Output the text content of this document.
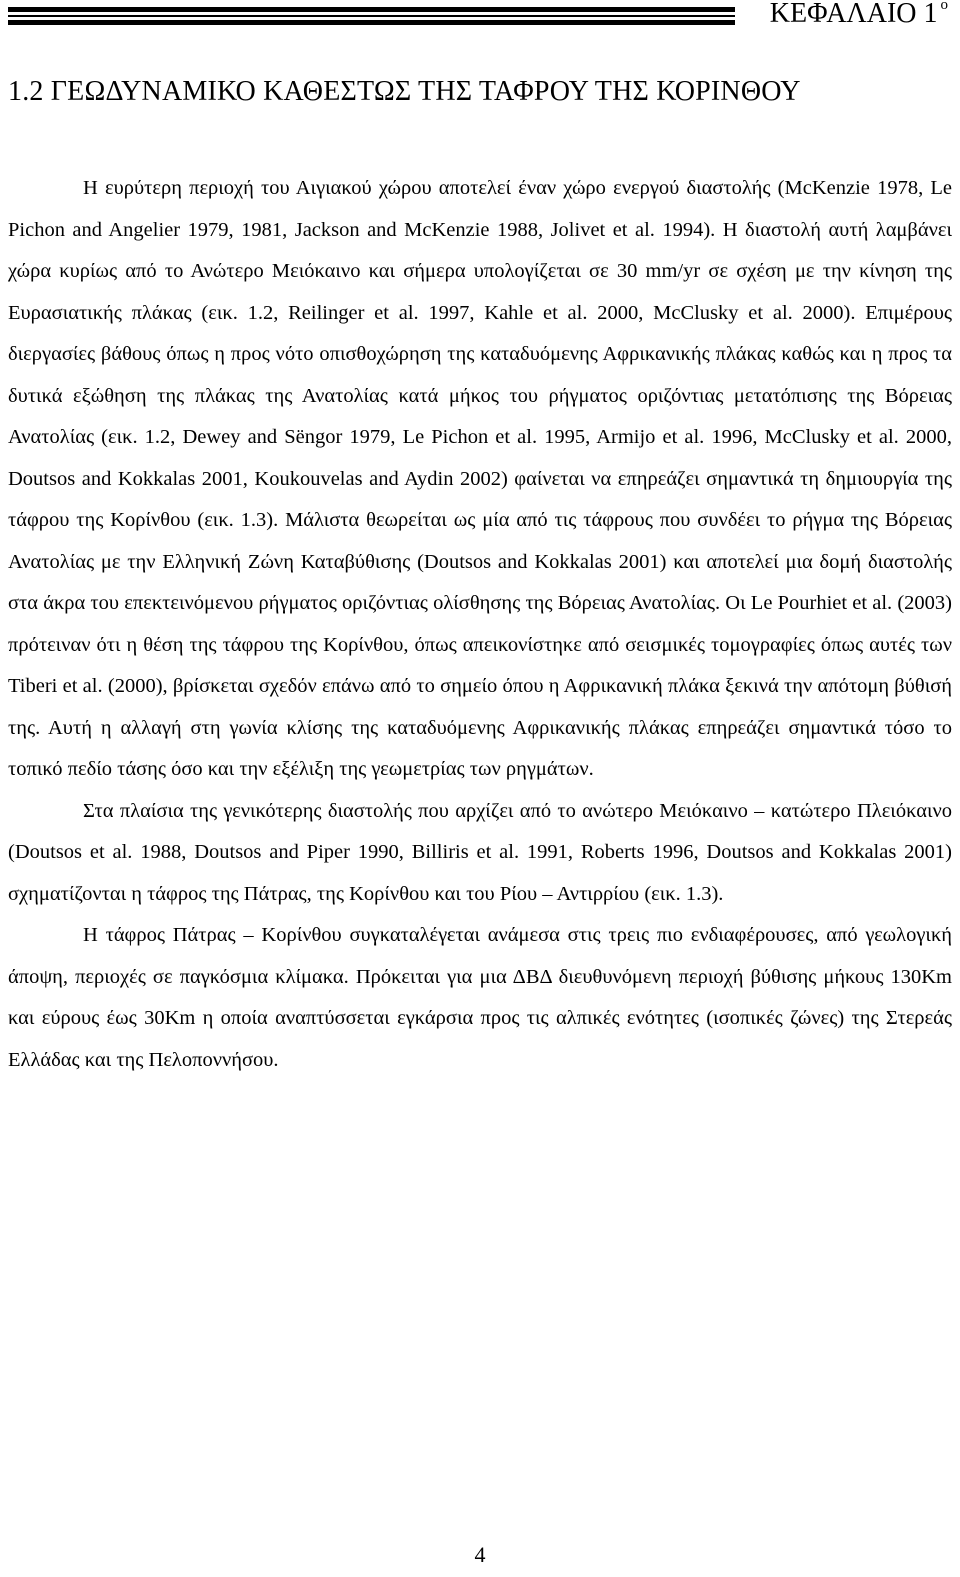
ΚΕΦΑΛΑΙΟ 1 $^o$
1.2 ΓΕΩΔΥΝΑΜΙΚΟ ΚΑΘΕΣΤΩΣ ΤΗΣ ΤΑΦΡΟΥ ΤΗΣ ΚΟΡΙΝΘΟΥ

Η ευρύτερη περιοχή του Αιγιακού χώρου αποτελεί έναν χώρο ενεργού διαστολής (McKenzie 1978, Le Pichon and Angelier 1979, 1981, Jackson and McKenzie 1988, Jolivet et al. 1994). Η διαστολή αυτή λαμβάνει χώρα κυρίως από το Ανώτερο Μειόκαινο και σήμερα υπολογίζεται σε 30 mm/yr σε σχέση με την κίνηση της Ευρασιατικής πλάκας (εικ. 1.2, Reilinger et al. 1997, Kahle et al. 2000, McClusky et al. 2000). Επιμέρους διεργασίες βάθους όπως η προς νότο οπισθοχώρηση της καταδυόμενης Αφρικανικής πλάκας καθώς και η προς τα δυτικά εξώθηση της πλάκας της Ανατολίας κατά μήκος του ρήγματος οριζόντιας μετατόπισης της Βόρειας Ανατολίας (εικ. 1.2, Dewey and Sëngor 1979, Le Pichon et al. 1995, Armijo et al. 1996, McClusky et al. 2000, Doutsos and Kokkalas 2001, Koukouvelas and Aydin 2002) φαίνεται να επηρεάζει σημαντικά τη δημιουργία της τάφρου της Κορίνθου (εικ. 1.3). Μάλιστα θεωρείται ως μία από τις τάφρους που συνδέει το ρήγμα της Βόρειας Ανατολίας με την Ελληνική Ζώνη Καταβύθισης (Doutsos and Kokkalas 2001) και αποτελεί μια δομή διαστολής στα άκρα του επεκτεινόμενου ρήγματος οριζόντιας ολίσθησης της Βόρειας Ανατολίας. Οι Le Pourhiet et al. (2003) πρότειναν ότι η θέση της τάφρου της Κορίνθου, όπως απεικονίστηκε από σεισμικές τομογραφίες όπως αυτές των Tiberi et al. (2000), βρίσκεται σχεδόν επάνω από το σημείο όπου η Αφρικανική πλάκα ξεκινά την απότομη βύθισή της. Αυτή η αλλαγή στη γωνία κλίσης της καταδυόμενης Αφρικανικής πλάκας επηρεάζει σημαντικά τόσο το τοπικό πεδίο τάσης όσο και την εξέλιξη της γεωμετρίας των ρηγμάτων.

Στα πλαίσια της γενικότερης διαστολής που αρχίζει από το ανώτερο Μειόκαινο – κατώτερο Πλειόκαινο (Doutsos et al. 1988, Doutsos and Piper 1990, Billiris et al. 1991, Roberts 1996, Doutsos and Kokkalas 2001) σχηματίζονται η τάφρος της Πάτρας, της Κορίνθου και του Ρίου – Αντιρρίου (εικ. 1.3).

Η τάφρος Πάτρας – Κορίνθου συγκαταλέγεται ανάμεσα στις τρεις πιο ενδιαφέρουσες, από γεωλογική άποψη, περιοχές σε παγκόσμια κλίμακα. Πρόκειται για μια ΔΒΔ διευθυνόμενη περιοχή βύθισης μήκους 130Km και εύρους έως 30Km η οποία αναπτύσσεται εγκάρσια προς τις αλπικές ενότητες (ισοπικές ζώνες) της Στερεάς Ελλάδας και της Πελοποννήσου.

4
